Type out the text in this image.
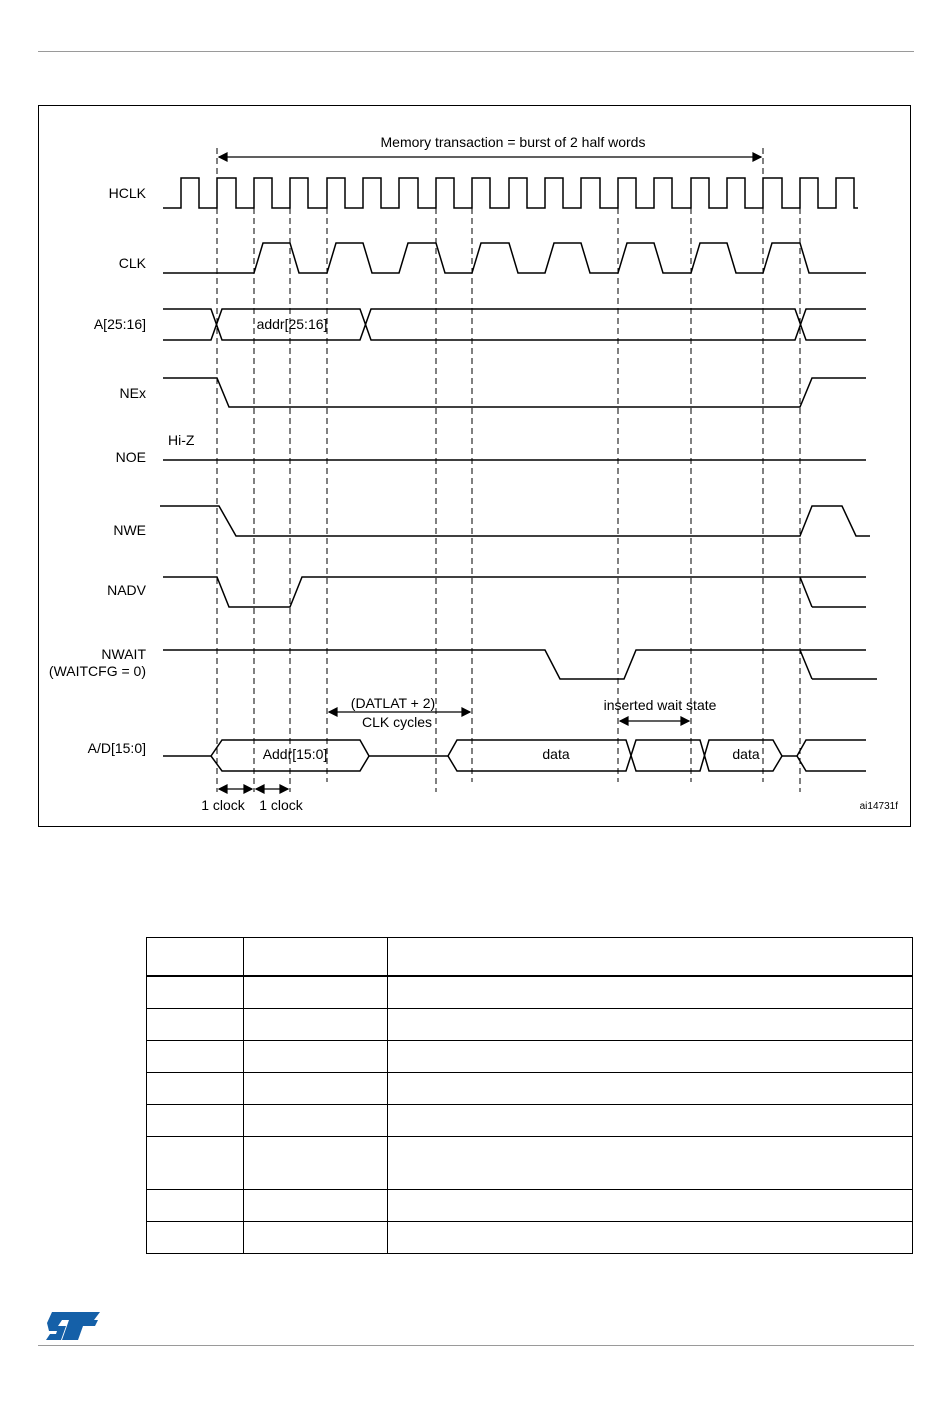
Memory transaction = burst of 2 half words
HCLK
CLK
A[25:16]
NEx
NOE
NWE
NADV
NWAIT
(WAITCFG = 0)
A/D[15:0]
Hi-Z
addr[25:16]
Addr[15:0]	data	data
(DATLAT + 2)
CLK cycles
inserted wait state
1 clock 1 clock	ai14731f
